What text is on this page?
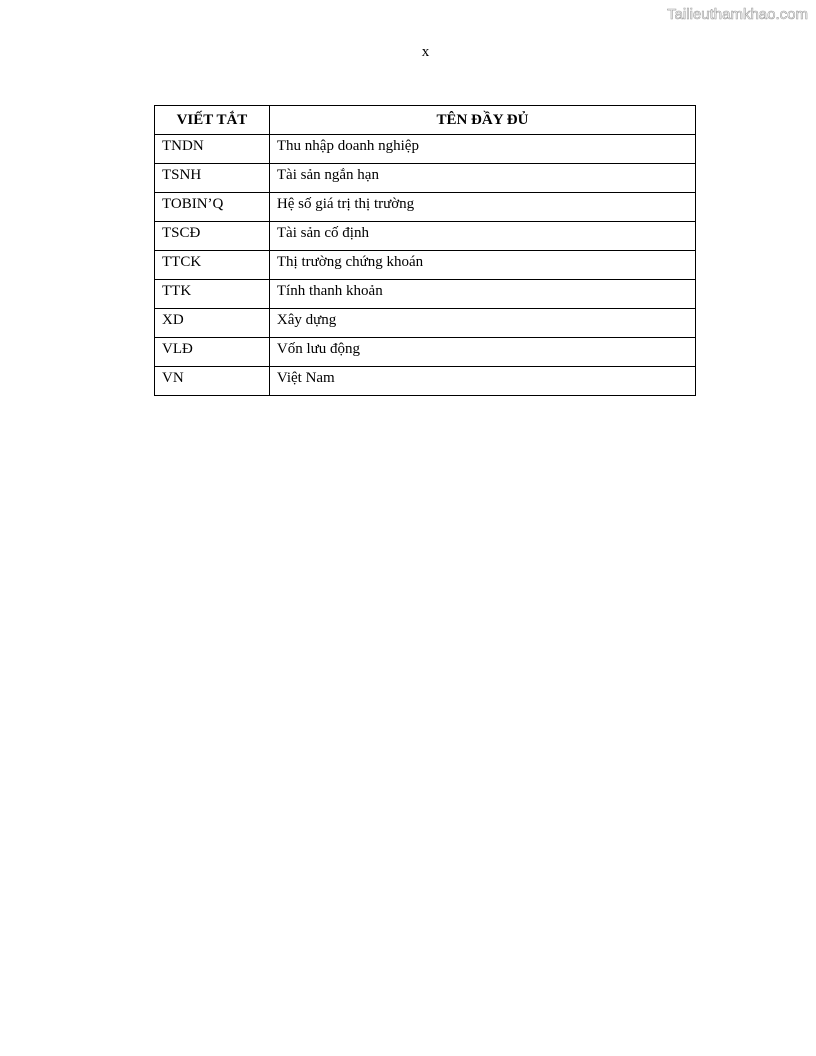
Tailieuthamkhao.com
x
VIẾT TẮT	TÊN ĐẦY ĐỦ
TNDN	Thu nhập doanh nghiệp
TSNH	Tài sản ngắn hạn
TOBIN’Q	Hệ số giá trị thị trường
TSCĐ	Tài sản cố định
TTCK	Thị trường chứng khoán
TTK	Tính thanh khoản
XD	Xây dựng
VLĐ	Vốn lưu động
VN	Việt Nam
